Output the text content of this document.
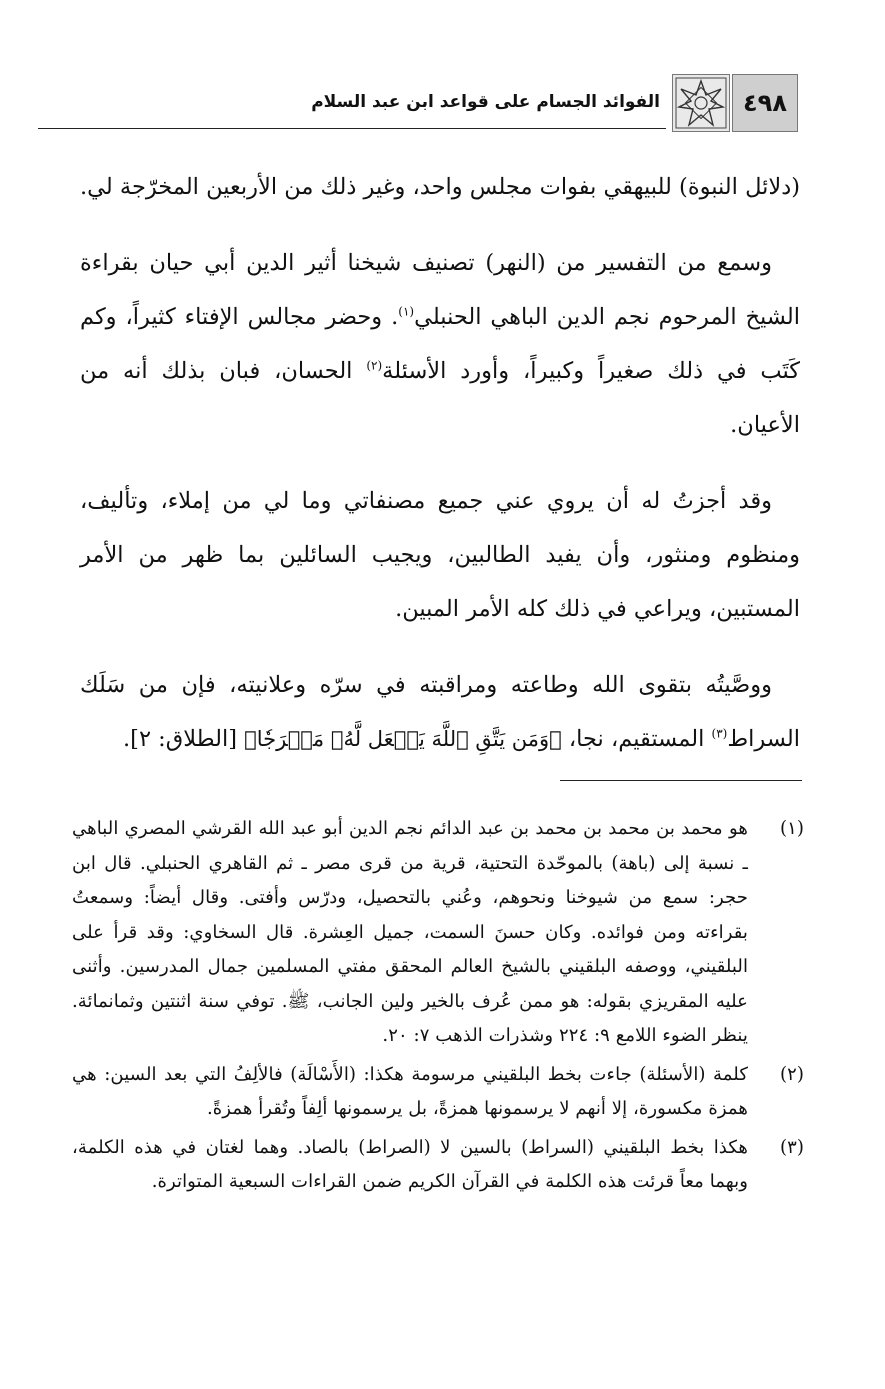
الفوائد الجسام على قواعد ابن عبد السلام	٤٩٨

(دلائل النبوة) للبيهقي بفوات مجلس واحد، وغير ذلك من الأربعين المخرّجة لي.

وسمع من التفسير من (النهر) تصنيف شيخنا أثير الدين أبي حيان بقراءة الشيخ المرحوم نجم الدين الباهي الحنبلي$^{(١)}$. وحضر مجالس الإفتاء كثيراً، وكم كَتَب في ذلك صغيراً وكبيراً، وأورد الأسئلة$^{(٢)}$ الحسان، فبان بذلك أنه من الأعيان.

وقد أجزتُ له أن يروي عني جميع مصنفاتي وما لي من إملاء، وتأليف، ومنظوم ومنثور، وأن يفيد الطالبين، ويجيب السائلين بما ظهر من الأمر المستبين، ويراعي في ذلك كله الأمر المبين.

ووصَّيتُه بتقوى الله وطاعته ومراقبته في سرّه وعلانيته، فإن من سَلَك السراط$^{(٣)}$ المستقيم، نجا، ﴿وَمَن يَتَّقِ ٱللَّهَ يَجۡعَل لَّهُۥ مَخۡرَجٗا﴾ [الطلاق: ٢].

(١)
هو محمد بن محمد بن محمد بن عبد الدائم نجم الدين أبو عبد الله القرشي المصري الباهي ـ نسبة إلى (باهة) بالموحّدة التحتية، قرية من قرى مصر ـ ثم القاهري الحنبلي. قال ابن حجر: سمع من شيوخنا ونحوهم، وعُني بالتحصيل، ودرّس وأفتى. وقال أيضاً: وسمعتُ بقراءته ومن فوائده. وكان حسنَ السمت، جميل العِشرة. قال السخاوي: وقد قرأ على البلقيني، ووصفه البلقيني بالشيخ العالم المحقق مفتي المسلمين جمال المدرسين. وأثنى عليه المقريزي بقوله: هو ممن عُرف بالخير ولين الجانب، ﷺ. توفي سنة اثنتين وثمانمائة. ينظر الضوء اللامع ٩: ٢٢٤ وشذرات الذهب ٧: ٢٠.
(٢)
كلمة (الأسئلة) جاءت بخط البلقيني مرسومة هكذا: (الأَسْالَة) فالألِفُ التي بعد السين: هي همزة مكسورة، إلا أنهم لا يرسمونها همزةً، بل يرسمونها ألِفاً وتُقرأ همزةً.
(٣)
هكذا بخط البلقيني (السراط) بالسين لا (الصراط) بالصاد. وهما لغتان في هذه الكلمة، وبهما معاً قرئت هذه الكلمة في القرآن الكريم ضمن القراءات السبعية المتواترة.
